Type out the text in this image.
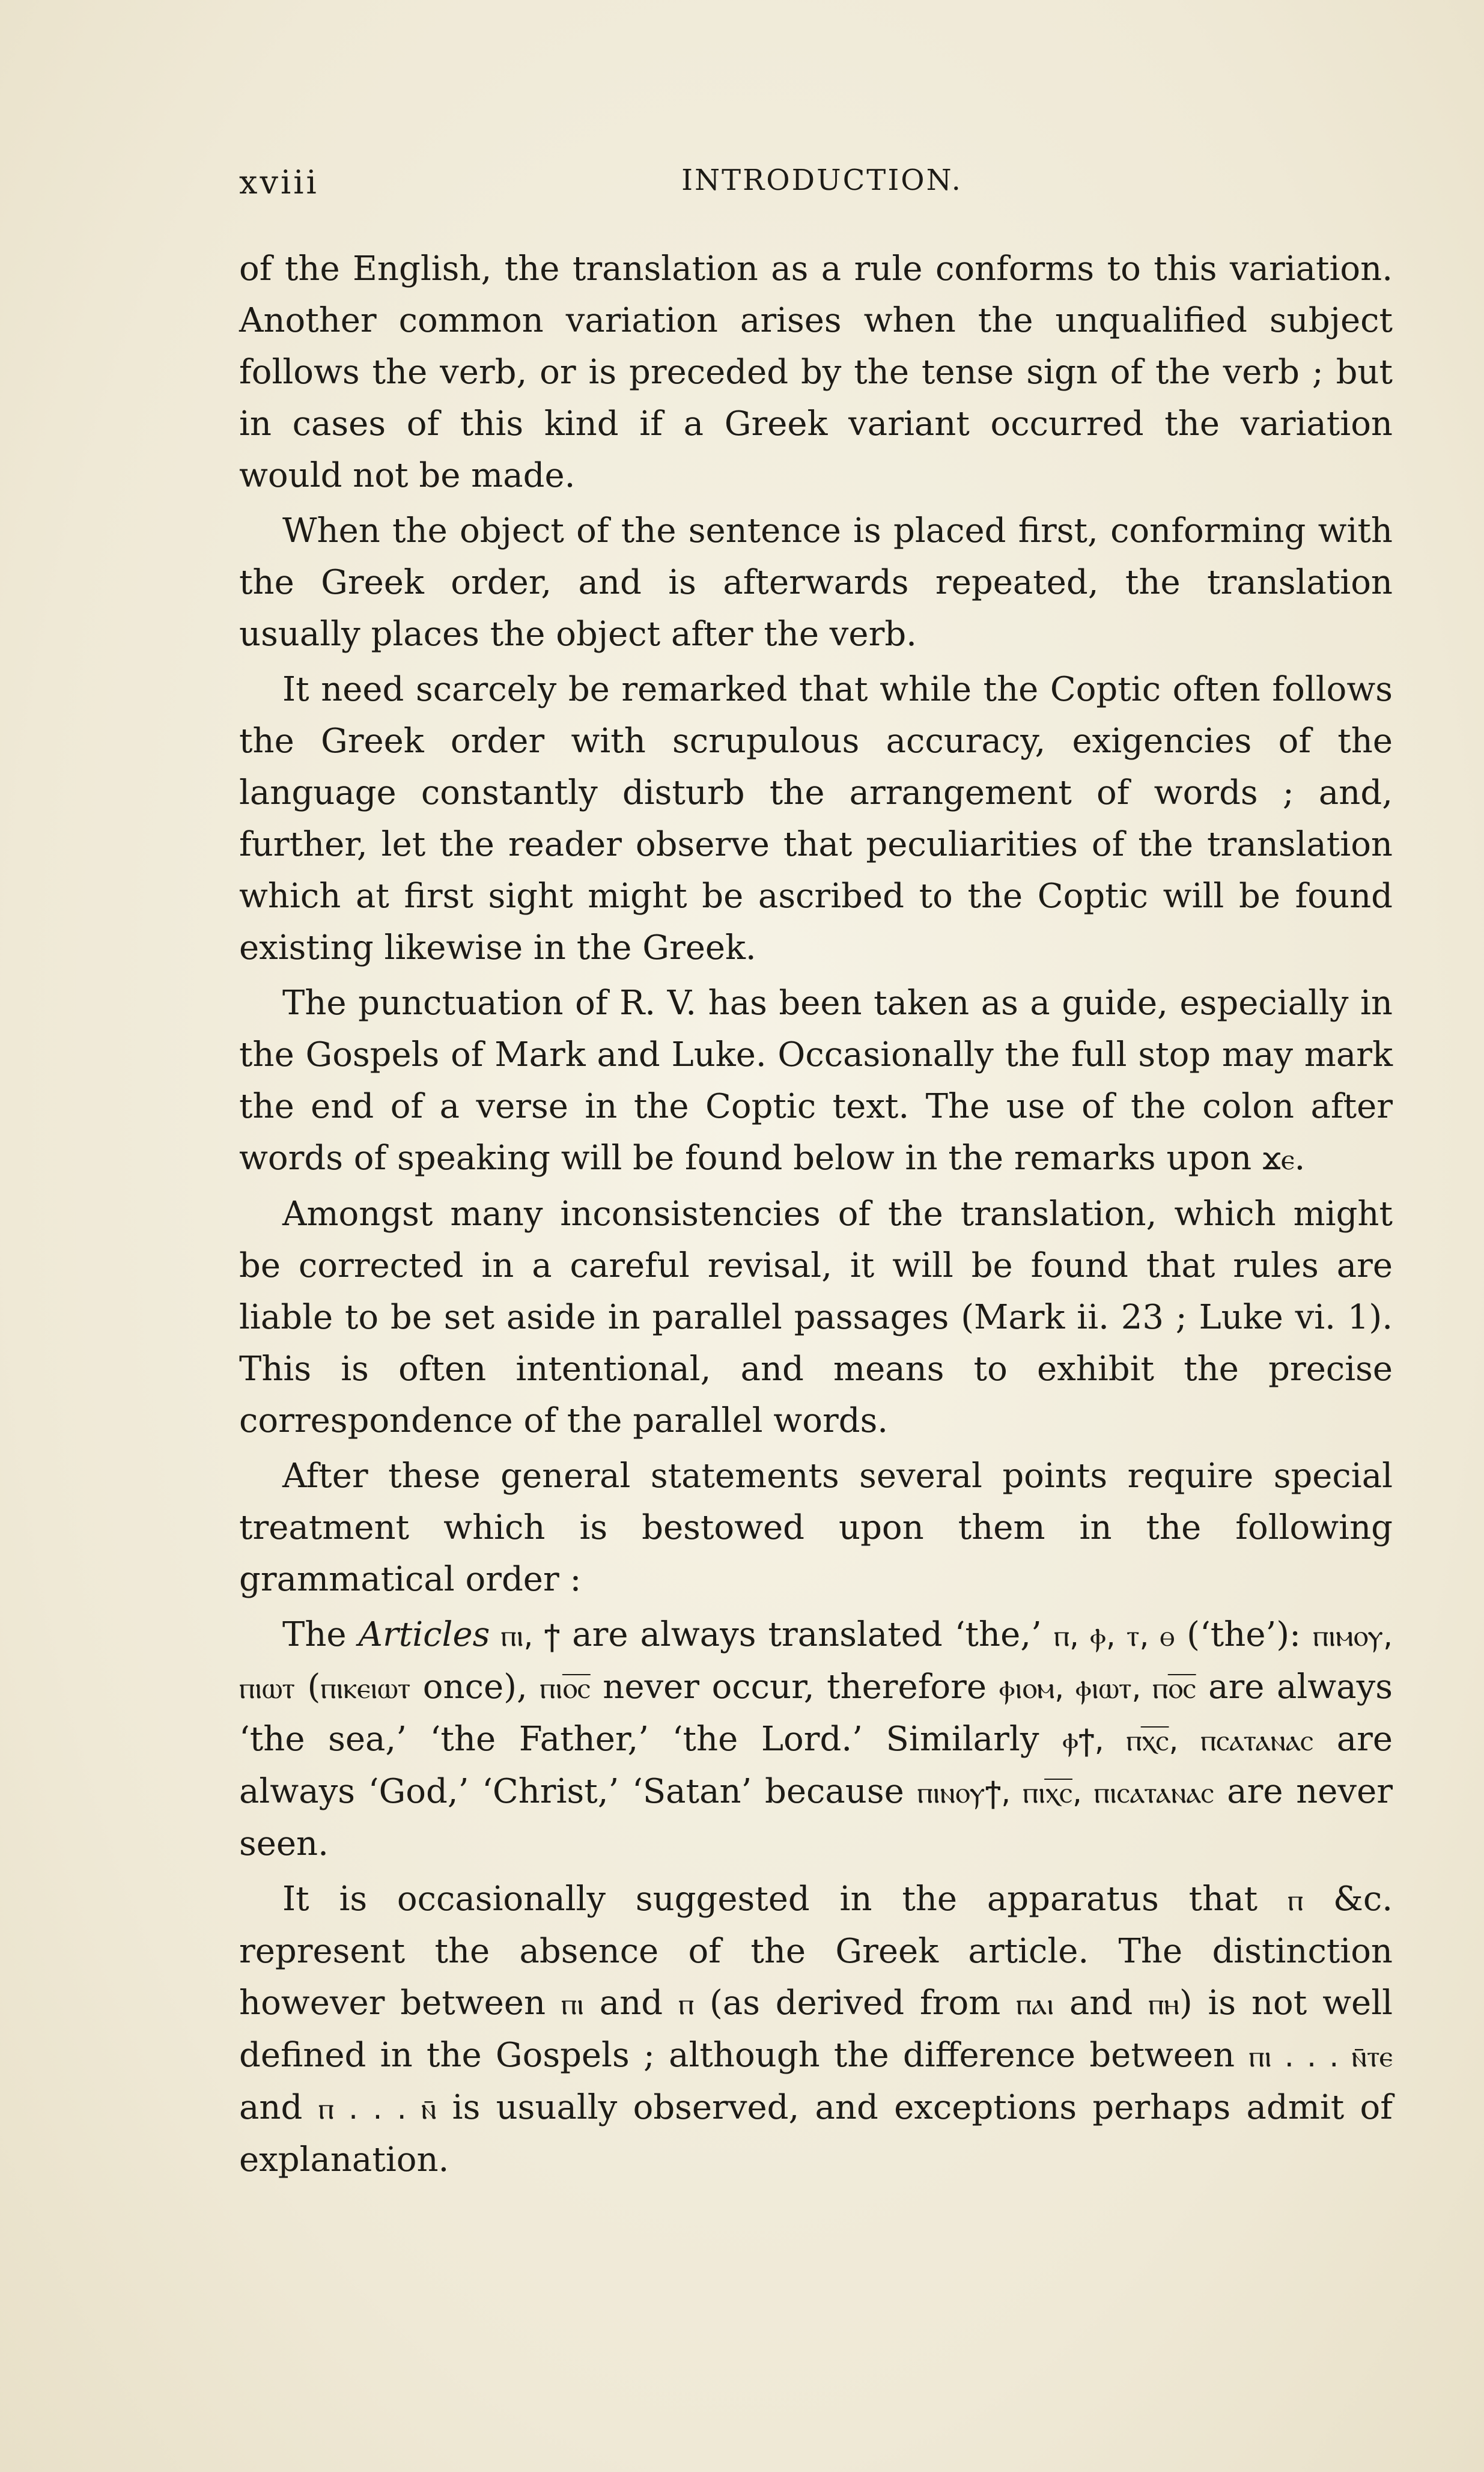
xviii	INTRODUCTION.

of the English, the translation as a rule conforms to this variation. Another common variation arises when the unqualified subject follows the verb, or is preceded by the tense sign of the verb ; but in cases of this kind if a Greek variant occurred the variation would not be made.

When the object of the sentence is placed first, conforming with the Greek order, and is afterwards repeated, the translation usually places the object after the verb.

It need scarcely be remarked that while the Coptic often follows the Greek order with scrupulous accuracy, exigencies of the language constantly disturb the arrangement of words ; and, further, let the reader observe that peculiarities of the translation which at first sight might be ascribed to the Coptic will be found existing likewise in the Greek.

The punctuation of R. V. has been taken as a guide, especially in the Gospels of Mark and Luke. Occasionally the full stop may mark the end of a verse in the Coptic text. The use of the colon after words of speaking will be found below in the remarks upon ϫⲉ.

Amongst many inconsistencies of the translation, which might be corrected in a careful revisal, it will be found that rules are liable to be set aside in parallel passages (Mark ii. 23 ; Luke vi. 1). This is often intentional, and means to exhibit the precise correspondence of the parallel words.

After these general statements several points require special treatment which is bestowed upon them in the following grammatical order :

The Articles ⲡⲓ, ϯ are always translated ‘the,’ ⲡ, ⲫ, ⲧ, ⲑ (‘the’): ⲡⲓⲙⲟⲩ, ⲡⲓⲱⲧ (ⲡⲓⲕⲉⲓⲱⲧ once), ⲡⲓⲟ̅ⲥ̅ never occur, therefore ⲫⲓⲟⲙ, ⲫⲓⲱⲧ, ⲡⲟ̅ⲥ̅ are always ‘the sea,’ ‘the Father,’ ‘the Lord.’ Similarly ⲫϯ, ⲡⲭ̅ⲥ̅, ⲡⲥⲁⲧⲁⲛⲁⲥ are always ‘God,’ ‘Christ,’ ‘Satan’ because ⲡⲓⲛⲟⲩϯ, ⲡⲓⲭ̅ⲥ̅, ⲡⲓⲥⲁⲧⲁⲛⲁⲥ are never seen.

It is occasionally suggested in the apparatus that ⲡ &c. represent the absence of the Greek article. The distinction however between ⲡⲓ and ⲡ (as derived from ⲡⲁⲓ and ⲡⲏ) is not well defined in the Gospels ; although the difference between ⲡⲓ . . . ⲛ̄ⲧⲉ and ⲡ . . . ⲛ̄ is usually observed, and exceptions perhaps admit of explanation.
